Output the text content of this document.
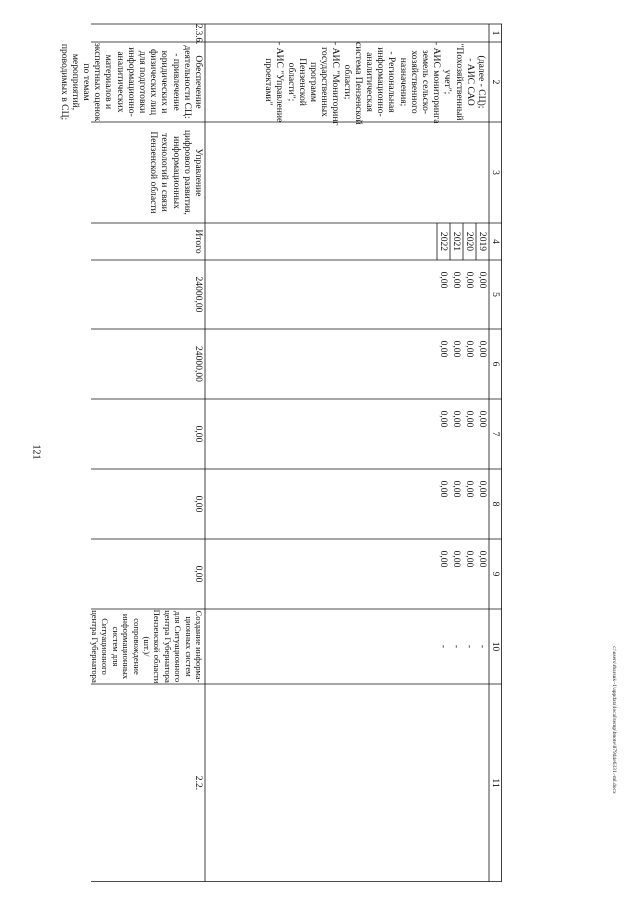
121
c:\users\rbarsuk~1\appdata\local\temp\bnote\879d4e6331.-ml.docx
1
2
3
4
5
6
7
8
9
10
11
(далее - СЦ);
- АИС САО
"Похозяйственный
учет";
- АИС мониторинга
земель сельско-
хозяйственного
назначения;
- Региональная
информационно-
аналитическая
система Пензенской
области;
- АИС "Мониторинг
государственных
программ
Пензенской
области";
- АИС "Управление
проектами"
2019
0,00
0,00
0,00
0,00
0,00
-
2020
0,00
0,00
0,00
0,00
0,00
-
2021
0,00
0,00
0,00
0,00
0,00
-
2022
0,00
0,00
0,00
0,00
0,00
-
2.3.6.
Обеспечение
деятельности СЦ:
- привлечение
юридических и
физических лиц
для подготовки
информационно-
аналитических
материалов и
экспертных оценок
по темам
мероприятий,
проводимых в СЦ;
Управление
цифрового развития,
информационных
технологий и связи
Пензенской области
Итого
24000,00
24000,00
0,00
0,00
0,00
Создание информа-
ционных систем
для Ситуационного
центра Губернатора
Пензенской области
(шт.)/
сопровождение
информационных
систем для
Ситуационного
центра Губернатора
2.2.
